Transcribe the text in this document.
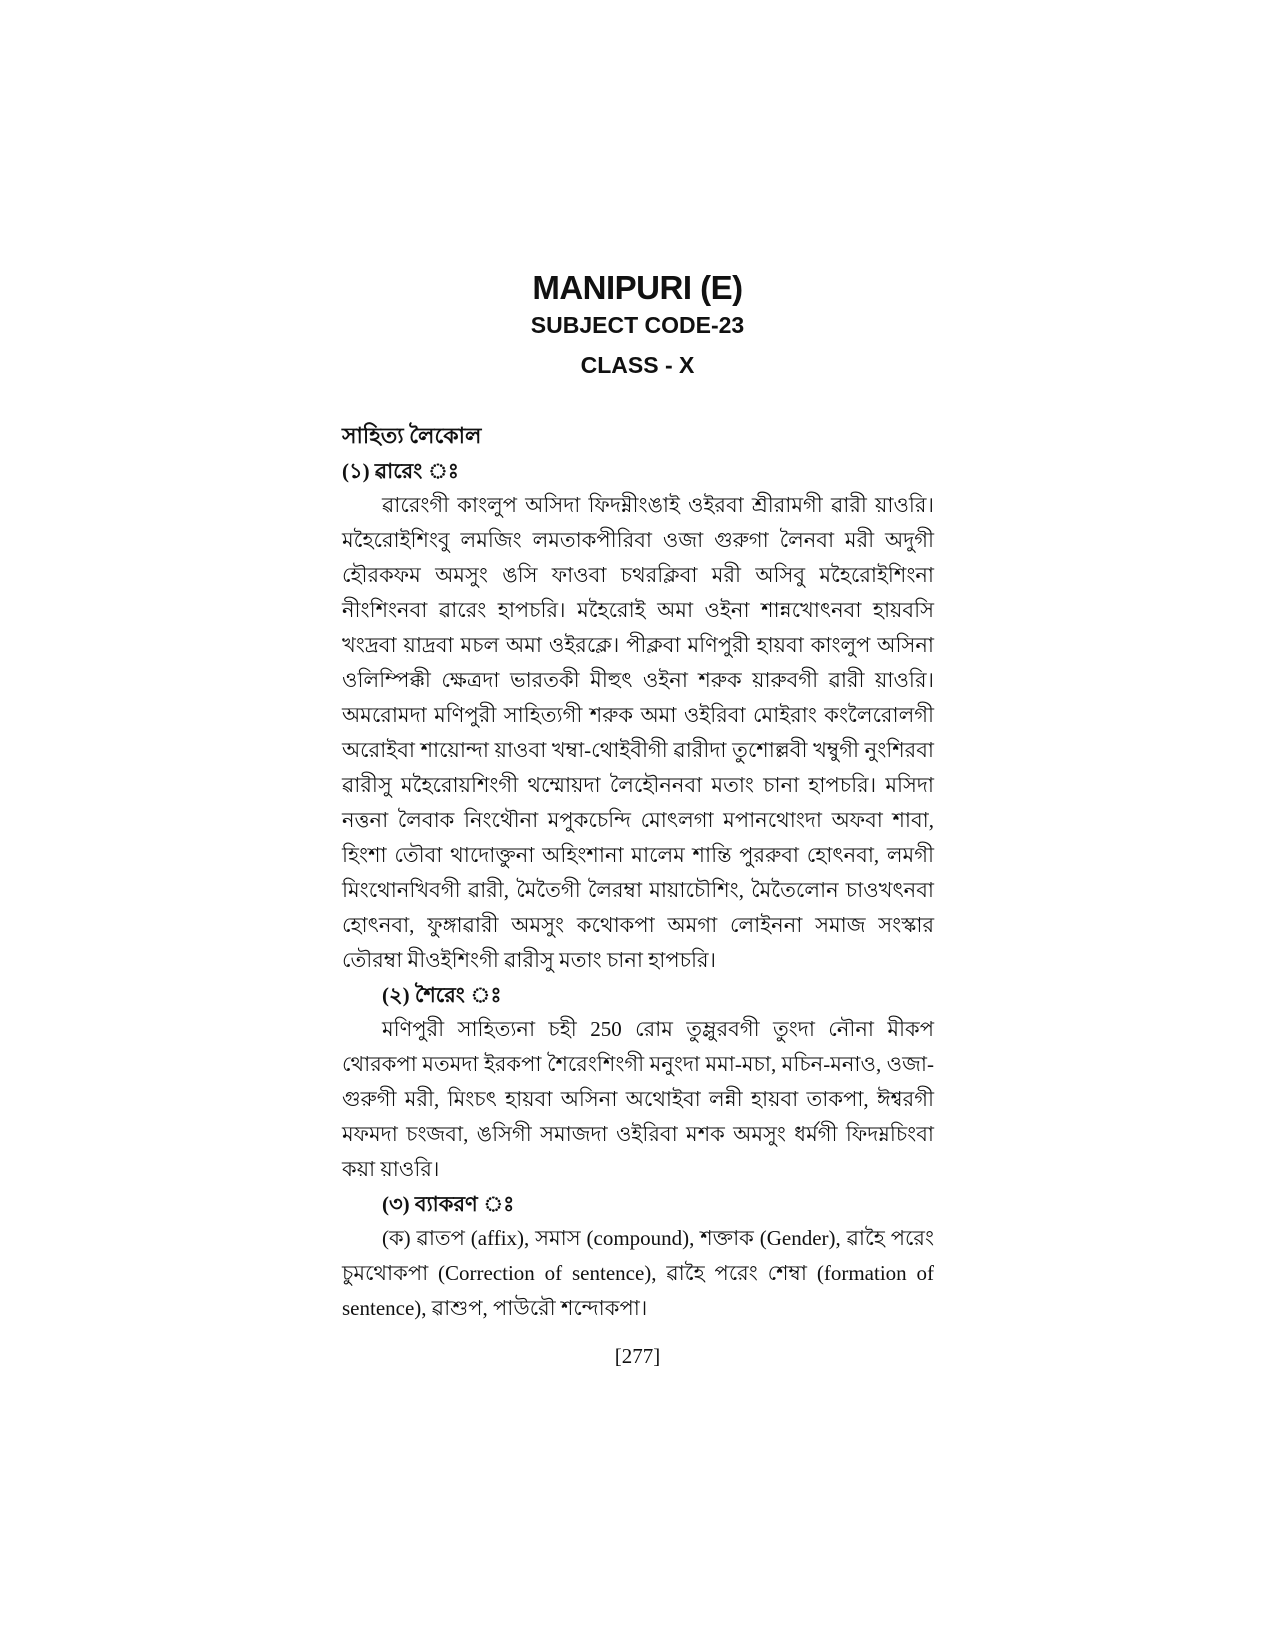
MANIPURI (E)
SUBJECT CODE-23
CLASS - X
সাহিত্য লৈকোল
(১) ৱারেং ঃ

ৱারেংগী কাংলুপ অসিদা ফিদম্নীংঙাই ওইরবা শ্রীরামগী ৱারী য়াওরি। মহৈরোইশিংবু লমজিং লমতাকপীরিবা ওজা গুরুগা লৈনবা মরী অদুগী হৌরকফম অমসুং ঙসি ফাওবা চথরক্লিবা মরী অসিবু মহৈরোইশিংনা নীংশিংনবা ৱারেং হাপচরি। মহৈরোই অমা ওইনা শান্নখোৎনবা হায়বসি খংদ্রবা য়াদ্রবা মচল অমা ওইরক্লে। পীক্লবা মণিপুরী হায়বা কাংলুপ অসিনা ওলিম্পিক্কী ক্ষেত্রদা ভারতকী মীহুৎ ওইনা শরুক য়ারুবগী ৱারী য়াওরি। অমরোমদা মণিপুরী সাহিত্যগী শরুক অমা ওইরিবা মোইরাং কংলৈরোলগী অরোইবা শায়োন্দা য়াওবা খম্বা-থোইবীগী ৱারীদা তুশোল্লবী খম্বুগী নুংশিরবা ৱারীসু মহৈরোয়শিংগী থম্মোয়দা লৈহৌননবা মতাং চানা হাপচরি। মসিদা নত্তনা লৈবাক নিংথৌনা মপুকচেন্দি মোৎলগা মপানথোংদা অফবা শাবা, হিংশা তৌবা থাদোক্তুনা অহিংশানা মালেম শান্তি পুররুবা হোৎনবা, লমগী মিংথোনখিবগী ৱারী, মৈতৈগী লৈরম্বা মায়াচৌশিং, মৈতৈলোন চাওখৎনবা হোৎনবা, ফুঙ্গাৱারী অমসুং কথোকপা অমগা লোইননা সমাজ সংস্কার তৌরম্বা মীওইশিংগী ৱারীসু মতাং চানা হাপচরি।

(২) শৈরেং ঃ

মণিপুরী সাহিত্যনা চহী 250 রোম তুম্লুরবগী তুংদা নৌনা মীকপ থোরকপা মতমদা ইরকপা শৈরেংশিংগী মনুংদা মমা-মচা, মচিন-মনাও, ওজা-গুরুগী মরী, মিংচৎ হায়বা অসিনা অথোইবা লন্নী হায়বা তাকপা, ঈশ্বরগী মফমদা চংজবা, ঙসিগী সমাজদা ওইরিবা মশক অমসুং ধর্মগী ফিদম্নচিংবা কয়া য়াওরি।

(৩) ব্যাকরণ ঃ

(ক) ৱাতপ (affix), সমাস (compound), শক্তাক (Gender), ৱাহৈ পরেং চুমথোকপা (Correction of sentence), ৱাহৈ পরেং শেম্বা (formation of sentence), ৱাশুপ, পাউরৌ শন্দোকপা।

[277]
